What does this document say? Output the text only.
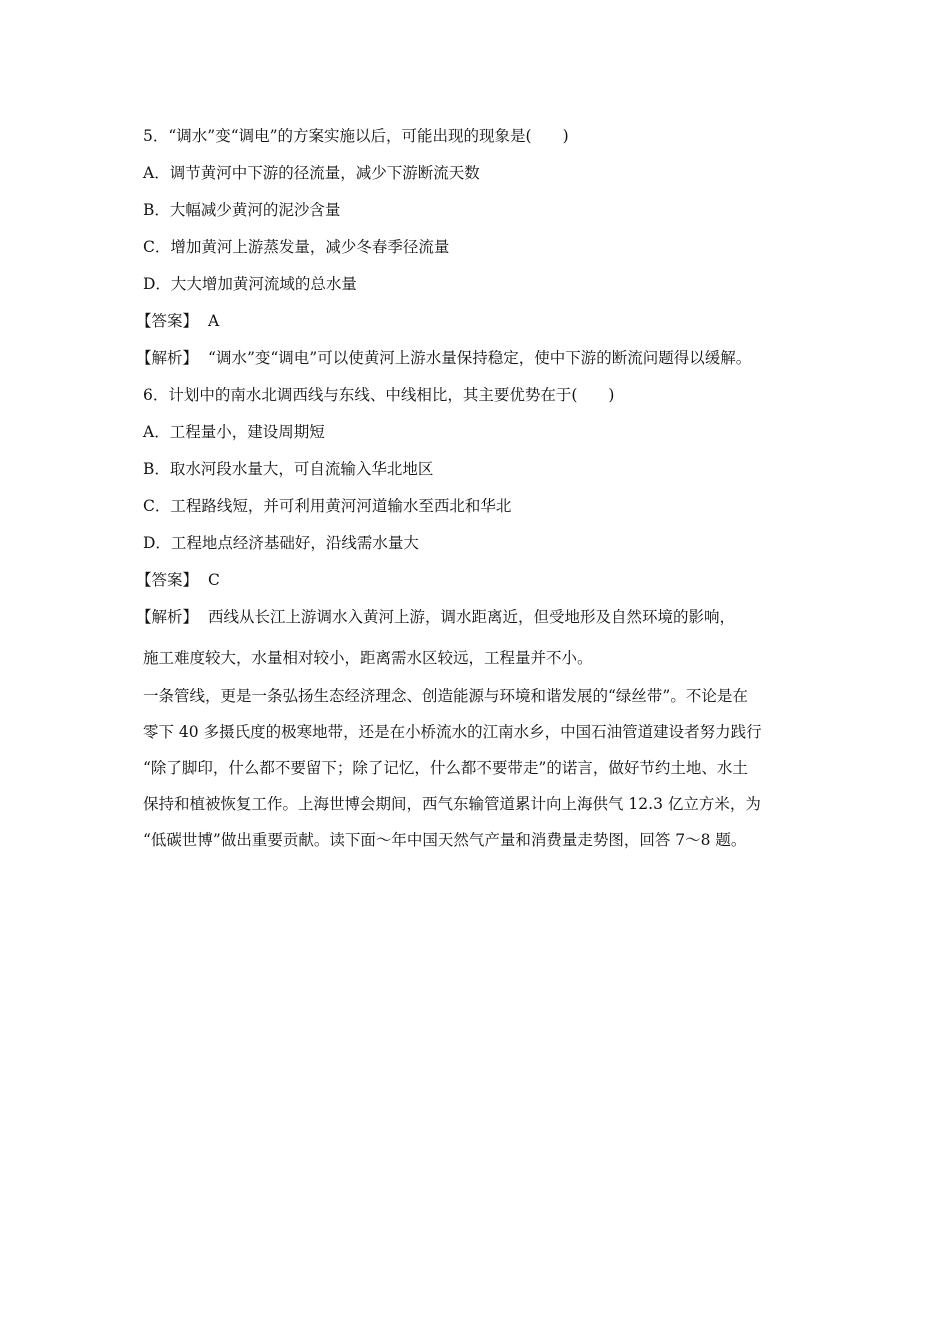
5．“调水”变“调电”的方案实施以后，可能出现的现象是(　　)
A．调节黄河中下游的径流量，减少下游断流天数
B．大幅减少黄河的泥沙含量
C．增加黄河上游蒸发量，减少冬春季径流量
D．大大增加黄河流域的总水量
【答案】 A
【解析】 “调水”变“调电”可以使黄河上游水量保持稳定，使中下游的断流问题得以缓解。
6．计划中的南水北调西线与东线、中线相比，其主要优势在于(　　)
A．工程量小，建设周期短
B．取水河段水量大，可自流输入华北地区
C．工程路线短，并可利用黄河河道输水至西北和华北
D．工程地点经济基础好，沿线需水量大
【答案】 C
【解析】 西线从长江上游调水入黄河上游，调水距离近，但受地形及自然环境的影响，
施工难度较大，水量相对较小，距离需水区较远，工程量并不小。
一条管线，更是一条弘扬生态经济理念、创造能源与环境和谐发展的“绿丝带”。不论是在
零下 40 多摄氏度的极寒地带，还是在小桥流水的江南水乡，中国石油管道建设者努力践行
“除了脚印，什么都不要留下；除了记忆，什么都不要带走”的诺言，做好节约土地、水土
保持和植被恢复工作。上海世博会期间，西气东输管道累计向上海供气 12.3 亿立方米，为
“低碳世博”做出重要贡献。读下面～年中国天然气产量和消费量走势图，回答 7～8 题。
